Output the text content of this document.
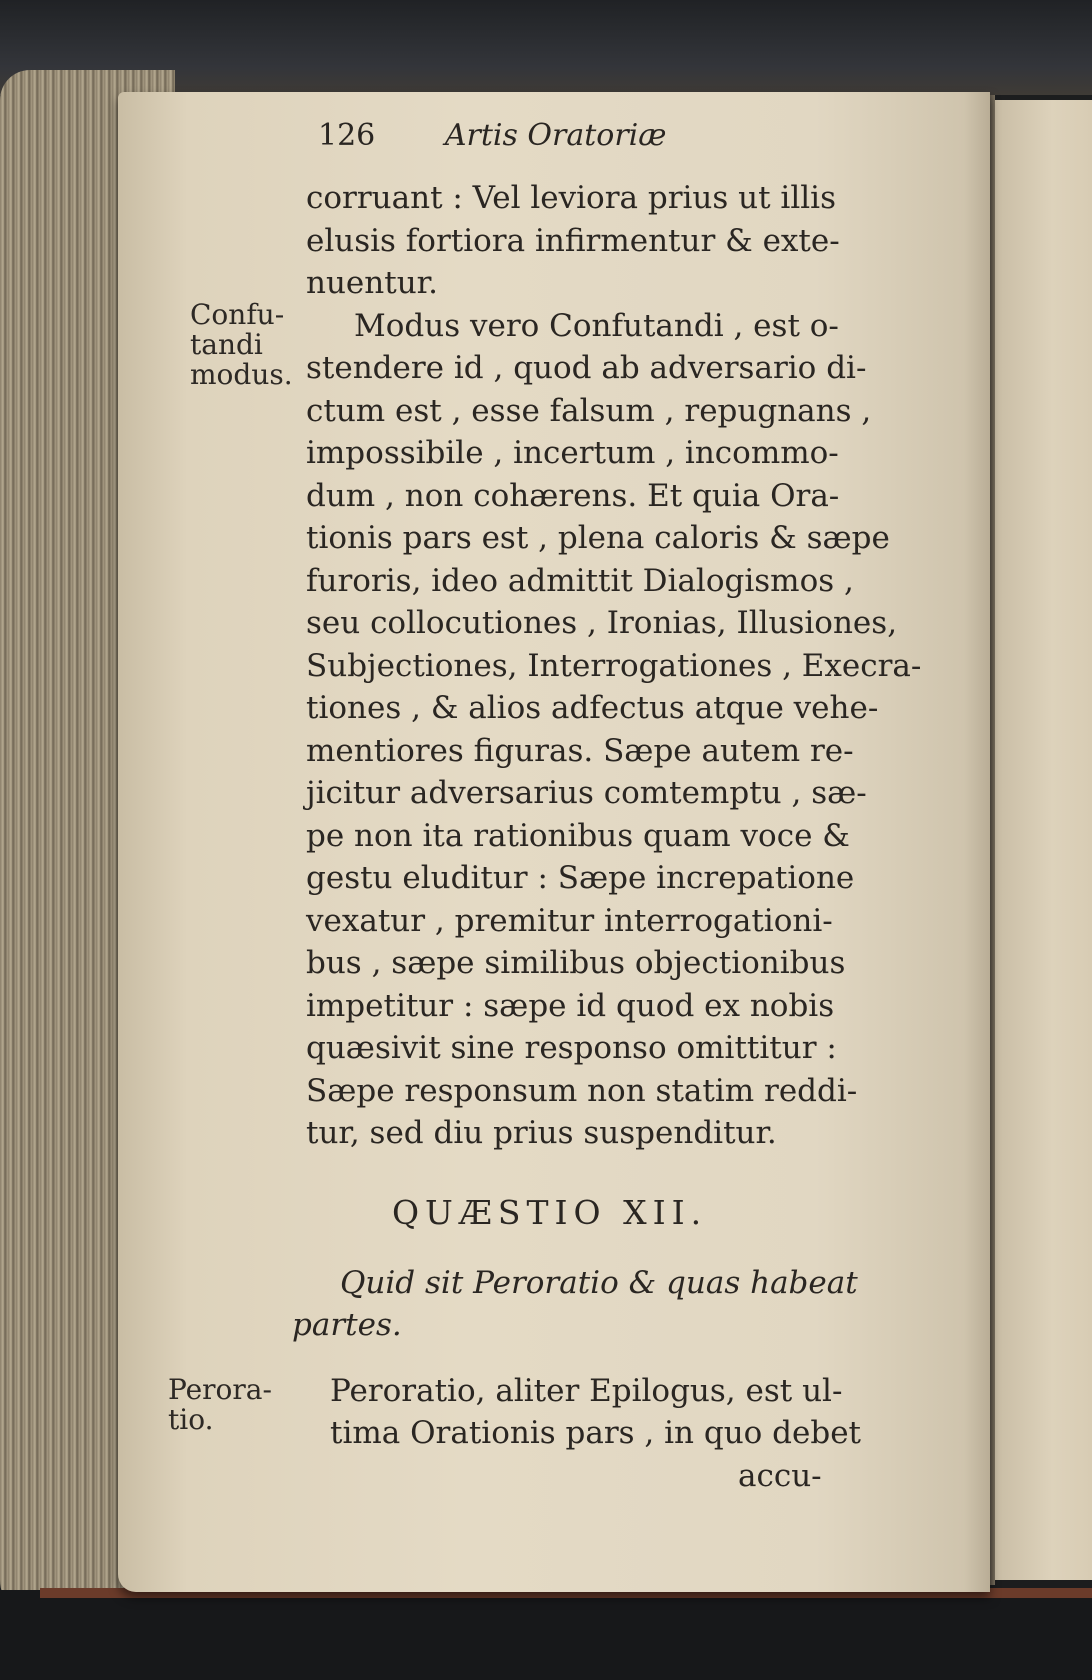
126 Artis Oratoriæ
corruant : Vel leviora prius ut illis
elusis fortiora infirmentur & exte-
nuentur.
Modus vero Confutandi , est o-
stendere id , quod ab adversario di-
ctum est , esse falsum , repugnans ,
impossibile , incertum , incommo-
dum , non cohærens. Et quia Ora-
tionis pars est , plena caloris & sæpe
furoris, ideo admittit Dialogismos ,
seu collocutiones , Ironias, Illusiones,
Subjectiones, Interrogationes , Execra-
tiones , & alios adfectus atque vehe-
mentiores figuras. Sæpe autem re-
jicitur adversarius comtemptu , sæ-
pe non ita rationibus quam voce &
gestu eluditur : Sæpe increpatione
vexatur , premitur interrogationi-
bus , sæpe similibus objectionibus
impetitur : sæpe id quod ex nobis
quæsivit sine responso omittitur :
Sæpe responsum non statim reddi-
tur, sed diu prius suspenditur.
Confu-
tandi
modus.
QUÆSTIO XII.
Quid sit Peroratio & quas habeat
partes.
Perora-
tio.
Peroratio, aliter Epilogus, est ul-
tima Orationis pars , in quo debet
accu-
